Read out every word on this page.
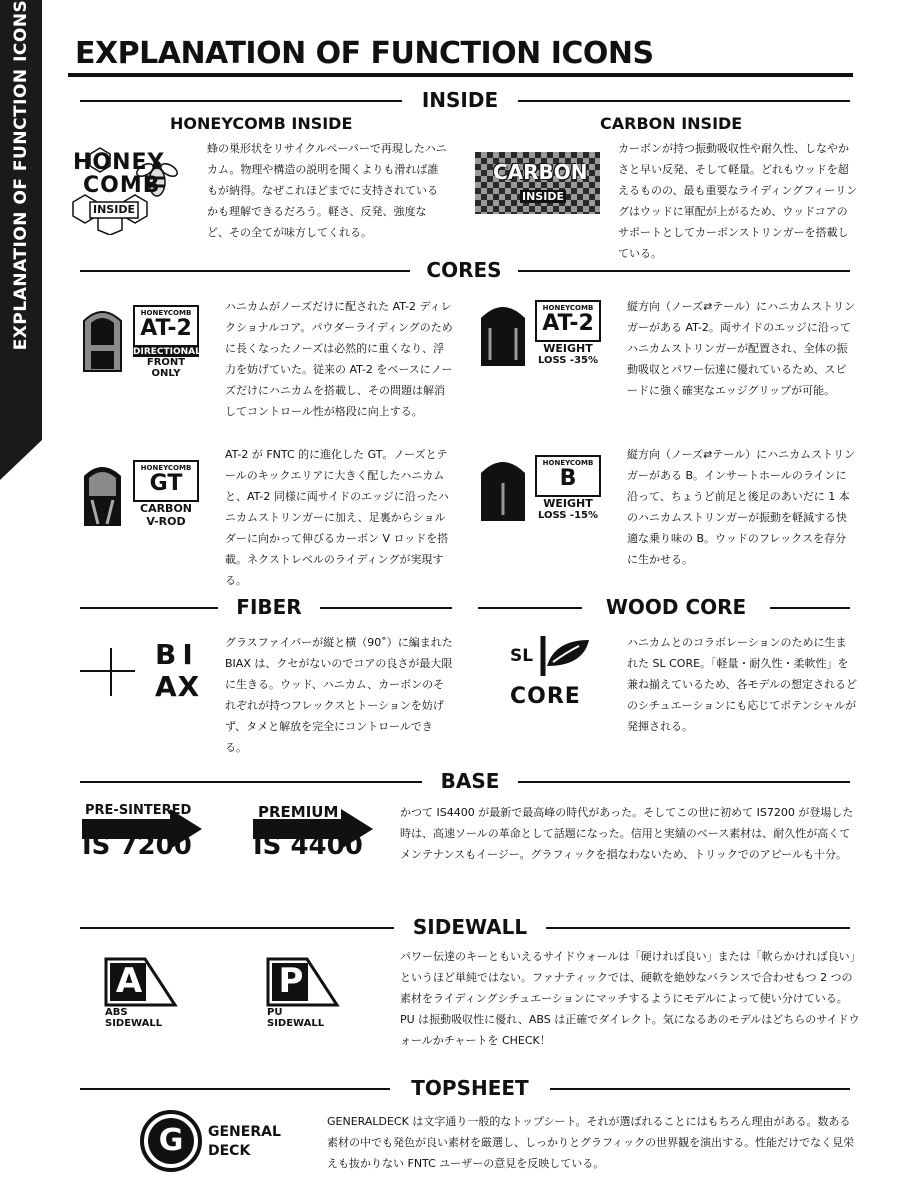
EXPLANATION OF FUNCTION ICONS EXPLANATION OF FUNCTION ICONS
INSIDE
HONEYCOMB INSIDE	CARBON INSIDE
HONEY
COMB
INSIDE
蜂の巣形状をリサイクルペーパーで再現したハニカム。物理や構造の説明を聞くよりも滑れば誰もが納得。なぜこれほどまでに支持されているかも理解できるだろう。軽さ、反発、強度など、その全てが味方してくれる。
CARBON
INSIDE
カーボンが持つ振動吸収性や耐久性、しなやかさと早い反発、そして軽量。どれもウッドを超えるものの、最も重要なライディングフィーリングはウッドに軍配が上がるため、ウッドコアのサポートとしてカーボンストリンガーを搭載している。
CORES
HONEYCOMB
AT-2
DIRECTIONAL
FRONT ONLY
ハニカムがノーズだけに配された AT-2 ディレクショナルコア。パウダーライディングのために長くなったノーズは必然的に重くなり、浮力を妨げていた。従来の AT-2 をベースにノーズだけにハニカムを搭載し、その問題は解消してコントロール性が格段に向上する。
HONEYCOMB
AT-2
WEIGHT
LOSS -35%
縦方向（ノーズ⇄テール）にハニカムストリンガーがある AT-2。両サイドのエッジに沿ってハニカムストリンガーが配置され、全体の振動吸収とパワー伝達に優れているため、スピードに強く確実なエッジグリップが可能。
HONEYCOMB
GT
CARBON
V-ROD
AT-2 が FNTC 的に進化した GT。ノーズとテールのキックエリアに大きく配したハニカムと、AT-2 同様に両サイドのエッジに沿ったハニカムストリンガーに加え、足裏からショルダーに向かって伸びるカーボン V ロッドを搭載。ネクストレベルのライディングが実現する。
HONEYCOMB
B
WEIGHT
LOSS -15%
縦方向（ノーズ⇄テール）にハニカムストリンガーがある B。インサートホールのラインに沿って、ちょうど前足と後足のあいだに 1 本のハニカムストリンガーが振動を軽減する快適な乗り味の B。ウッドのフレックスを存分に生かせる。
FIBER	WOOD CORE
BI
AX
グラスファイバーが縦と横（90˚）に編まれた BIAX は、クセがないのでコアの良さが最大限に生きる。ウッド、ハニカム、カーボンのそれぞれが持つフレックスとトーションを妨げず、タメと解放を完全にコントロールできる。
SL
CORE
ハニカムとのコラボレーションのために生まれた SL CORE。「軽量・耐久性・柔軟性」を兼ね揃えているため、各モデルの想定されるどのシチュエーションにも応じてポテンシャルが発揮される。
BASE
PRE-SINTERED
IS 7200
PREMIUM
IS 4400
かつて IS4400 が最新で最高峰の時代があった。そしてこの世に初めて IS7200 が登場した時は、高速ソールの革命として話題になった。信用と実績のベース素材は、耐久性が高くてメンテナンスもイージー。グラフィックを損なわないため、トリックでのアピールも十分。
SIDEWALL
A
ABS
SIDEWALL
P
PU
SIDEWALL
パワー伝達のキーともいえるサイドウォールは「硬ければ良い」または「軟らかければ良い」というほど単純ではない。ファナティックでは、硬軟を絶妙なバランスで合わせもつ 2 つの素材をライディングシチュエーションにマッチするようにモデルによって使い分けている。PU は振動吸収性に優れ、ABS は正確でダイレクト。気になるあのモデルはどちらのサイドウォールかチャートを CHECK！
TOPSHEET
G	GENERAL
DECK
GENERALDECK は文字通り一般的なトップシート。それが選ばれることにはもちろん理由がある。数ある素材の中でも発色が良い素材を厳選し、しっかりとグラフィックの世界観を演出する。性能だけでなく見栄えも抜かりない FNTC ユーザーの意見を反映している。
